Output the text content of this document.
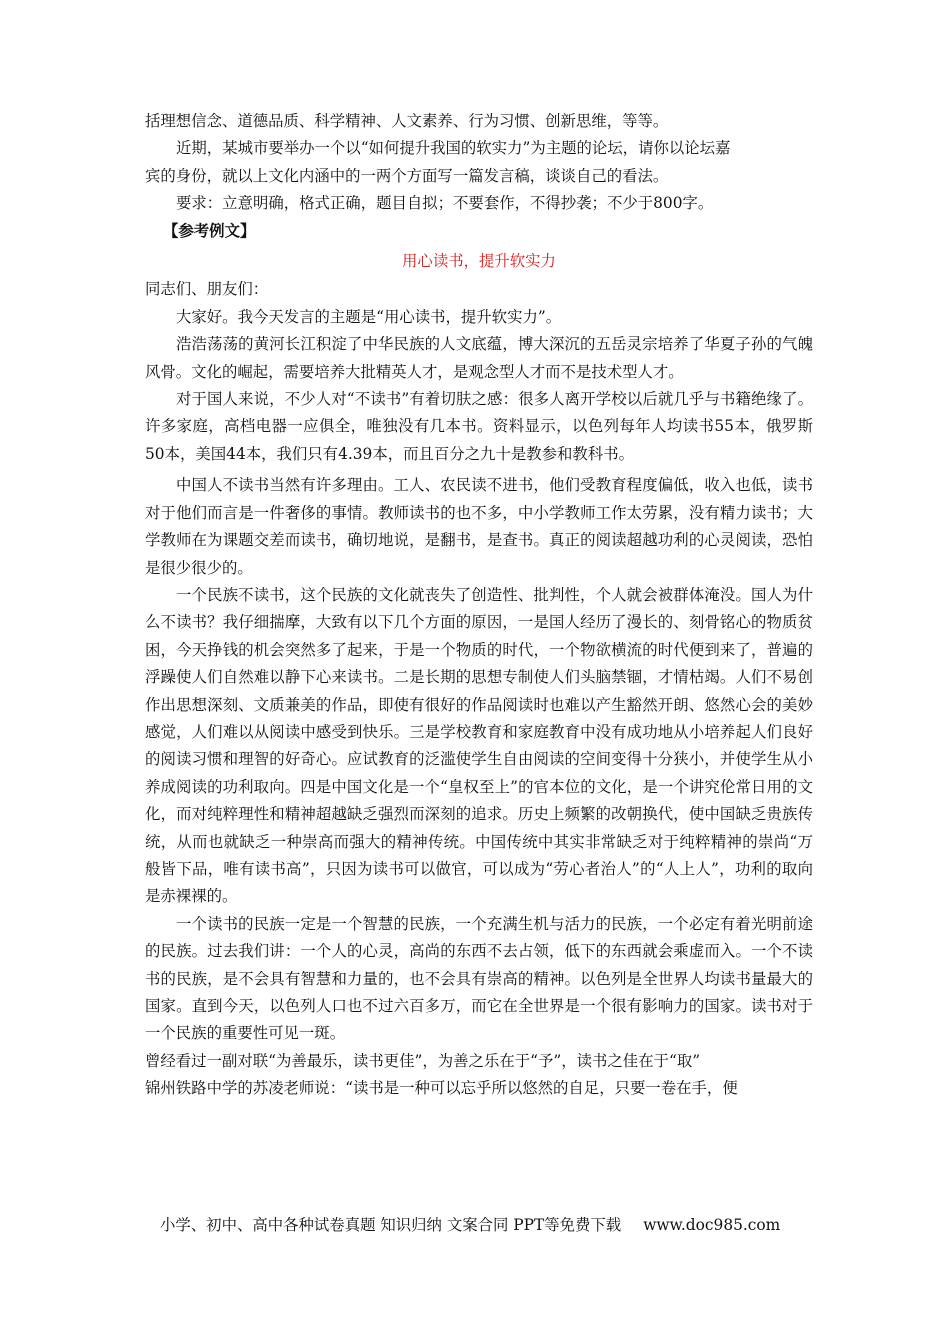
括理想信念、道德品质、科学精神、人文素养、行为习惯、创新思维，等等。
近期，某城市要举办一个以“如何提升我国的软实力”为主题的论坛，请你以论坛嘉
宾的身份，就以上文化内涵中的一两个方面写一篇发言稿，谈谈自己的看法。
要求：立意明确，格式正确，题目自拟；不要套作，不得抄袭；不少于800字。
【参考例文】
用心读书，提升软实力
同志们、朋友们：

大家好。我今天发言的主题是“用心读书，提升软实力”。

浩浩荡荡的黄河长江积淀了中华民族的人文底蕴，博大深沉的五岳灵宗培养了华夏子孙的气魄风骨。文化的崛起，需要培养大批精英人才，是观念型人才而不是技术型人才。

对于国人来说，不少人对“不读书”有着切肤之感：很多人离开学校以后就几乎与书籍绝缘了。许多家庭，高档电器一应俱全，唯独没有几本书。资料显示，以色列每年人均读书55本，俄罗斯50本，美国44本，我们只有4.39本，而且百分之九十是教参和教科书。

中国人不读书当然有许多理由。工人、农民读不进书，他们受教育程度偏低，收入也低，读书对于他们而言是一件奢侈的事情。教师读书的也不多，中小学教师工作太劳累，没有精力读书；大学教师在为课题交差而读书，确切地说，是翻书，是查书。真正的阅读超越功利的心灵阅读，恐怕是很少很少的。

一个民族不读书，这个民族的文化就丧失了创造性、批判性，个人就会被群体淹没。国人为什么不读书？我仔细揣摩，大致有以下几个方面的原因，一是国人经历了漫长的、刻骨铭心的物质贫困，今天挣钱的机会突然多了起来，于是一个物质的时代，一个物欲横流的时代便到来了，普遍的浮躁使人们自然难以静下心来读书。二是长期的思想专制使人们头脑禁锢，才情枯竭。人们不易创作出思想深刻、文质兼美的作品，即使有很好的作品阅读时也难以产生豁然开朗、悠然心会的美妙感觉，人们难以从阅读中感受到快乐。三是学校教育和家庭教育中没有成功地从小培养起人们良好的阅读习惯和理智的好奇心。应试教育的泛滥使学生自由阅读的空间变得十分狭小，并使学生从小养成阅读的功利取向。四是中国文化是一个“皇权至上”的官本位的文化，是一个讲究伦常日用的文化，而对纯粹理性和精神超越缺乏强烈而深刻的追求。历史上频繁的改朝换代，使中国缺乏贵族传统，从而也就缺乏一种崇高而强大的精神传统。中国传统中其实非常缺乏对于纯粹精神的崇尚“万般皆下品，唯有读书高”，只因为读书可以做官，可以成为“劳心者治人”的“人上人”，功利的取向是赤裸裸的。

一个读书的民族一定是一个智慧的民族，一个充满生机与活力的民族，一个必定有着光明前途的民族。过去我们讲：一个人的心灵，高尚的东西不去占领，低下的东西就会乘虚而入。一个不读书的民族，是不会具有智慧和力量的，也不会具有崇高的精神。以色列是全世界人均读书量最大的国家。直到今天，以色列人口也不过六百多万，而它在全世界是一个很有影响力的国家。读书对于一个民族的重要性可见一斑。

曾经看过一副对联“为善最乐，读书更佳”，为善之乐在于“予”，读书之佳在于“取”
锦州铁路中学的苏凌老师说：“读书是一种可以忘乎所以悠然的自足，只要一卷在手，便
小学、初中、高中各种试卷真题 知识归纳 文案合同 PPT等免费下载 www.doc985.com
